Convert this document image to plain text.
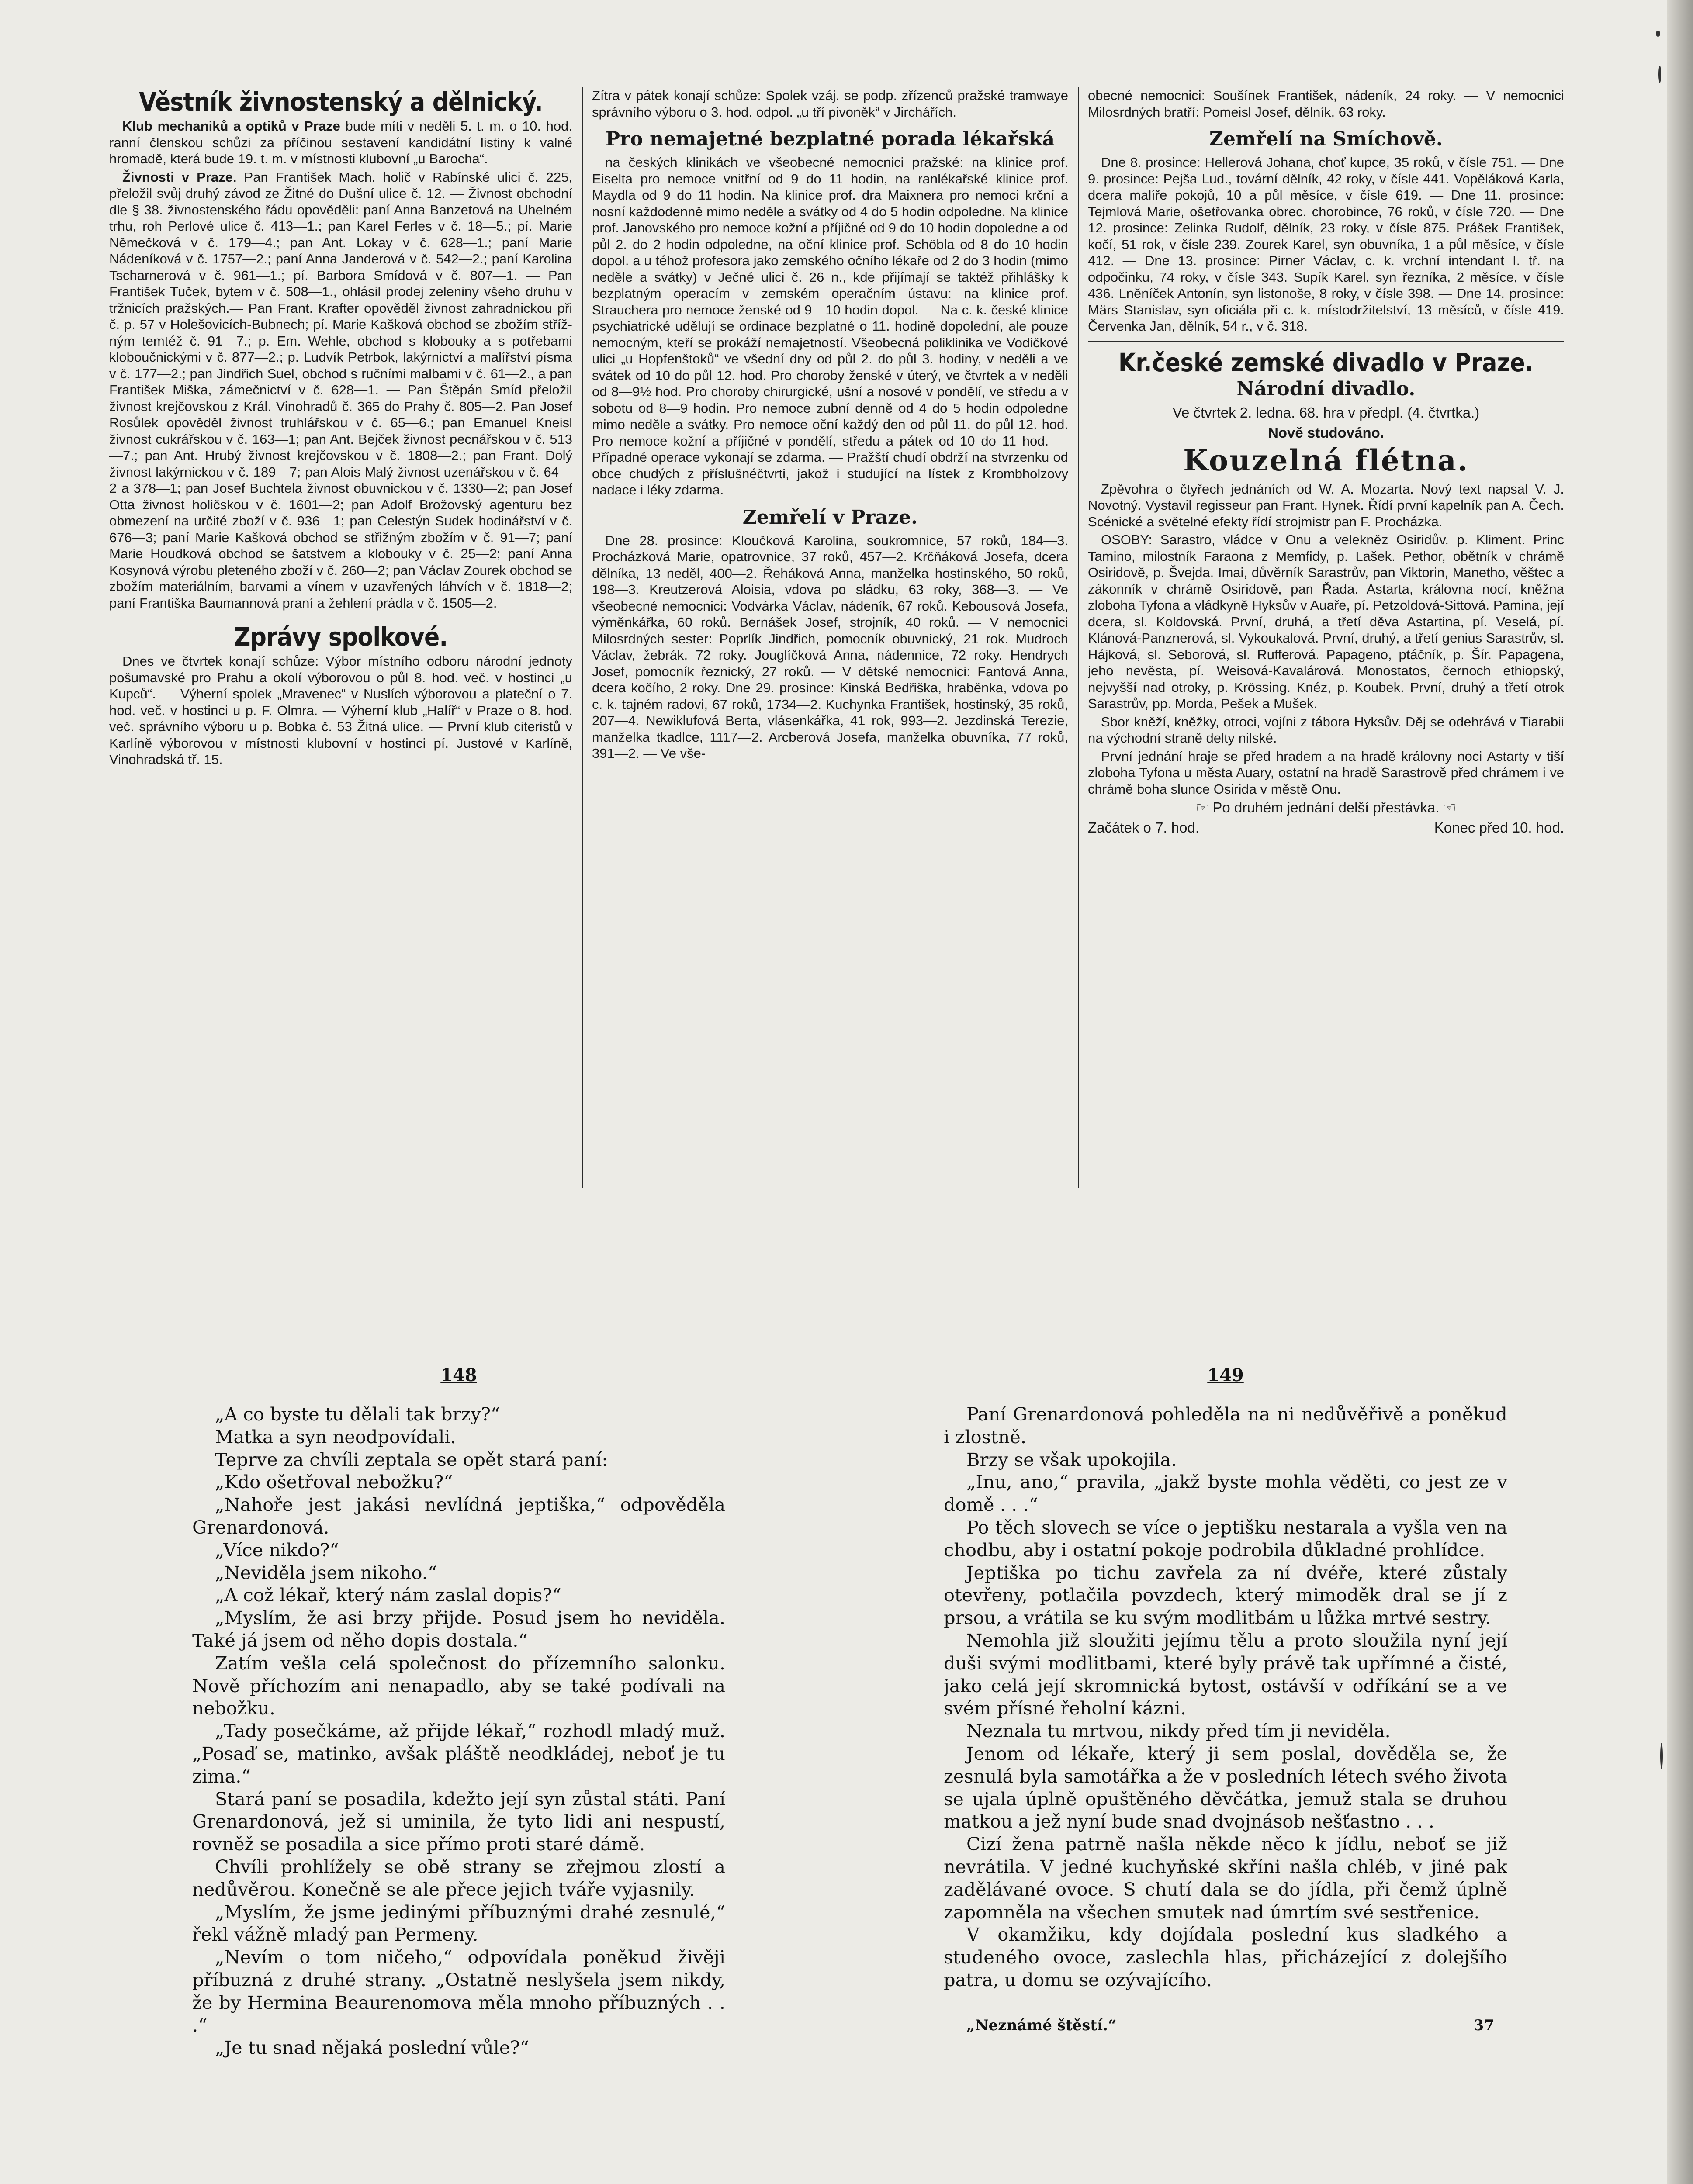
Věstník živnostenský a dělnický.

Klub mechaniků a optiků v Praze bude míti v neděli 5. t. m. o 10. hod. ranní členskou schůzi za příčinou sestavení kandidátní listiny k valné hromadě, která bude 19. t. m. v místnosti klubovní „u Barocha“.

Živnosti v Praze. Pan František Mach, holič v Rabínské ulici č. 225, přeložil svůj druhý závod ze Žitné do Dušní ulice č. 12. — Živnost obchodní dle § 38. živnostenského řádu opověděli: paní Anna Banzetová na Uhelném trhu, roh Perlové ulice č. 413—1.; pan Karel Ferles v č. 18—5.; pí. Marie Němečková v č. 179—4.; pan Ant. Lokay v č. 628—1.; paní Marie Nádeníková v č. 1757—2.; paní Anna Janderová v č. 542—2.; paní Karolina Tscharnerová v č. 961—1.; pí. Barbora Smídová v č. 807—1. — Pan František Tuček, bytem v č. 508—1., ohlásil prodej zeleniny všeho druhu v tržnicích pražských.— Pan Frant. Krafter opověděl živnost zahradnickou při č. p. 57 v Holešovicích-Bubnech; pí. Marie Kašková obchod se zbožím stříž-ným temtéž č. 91—7.; p. Em. Wehle, obchod s klobouky a s potřebami kloboučnickými v č. 877—2.; p. Ludvík Petrbok, lakýrnictví a malířství písma v č. 177—2.; pan Jindřich Suel, obchod s ručními malbami v č. 61—2., a pan František Miška, zámečnictví v č. 628—1. — Pan Štěpán Smíd přeložil živnost krejčovskou z Král. Vinohradů č. 365 do Prahy č. 805—2. Pan Josef Rosůlek opověděl živnost truhlářskou v č. 65—6.; pan Emanuel Kneisl živnost cukrářskou v č. 163—1; pan Ant. Bejček živnost pecnářskou v č. 513—7.; pan Ant. Hrubý živnost krejčovskou v č. 1808—2.; pan Frant. Dolý živnost lakýrnickou v č. 189—7; pan Alois Malý živnost uzenářskou v č. 64—2 a 378—1; pan Josef Buchtela živnost obuvnickou v č. 1330—2; pan Josef Otta živnost holičskou v č. 1601—2; pan Adolf Brožovský agenturu bez obmezení na určité zboží v č. 936—1; pan Celestýn Sudek hodinářství v č. 676—3; paní Marie Kašková obchod se střižným zbožím v č. 91—7; paní Marie Houdková obchod se šatstvem a klobouky v č. 25—2; paní Anna Kosynová výrobu pleteného zboží v č. 260—2; pan Václav Zourek obchod se zbožím materiálním, barvami a vínem v uzavřených láhvích v č. 1818—2; paní Františka Baumannová praní a žehlení prádla v č. 1505—2.

Zprávy spolkové.

Dnes ve čtvrtek konají schůze: Výbor místního odboru národní jednoty pošumavské pro Prahu a okolí výborovou o půl 8. hod. več. v hostinci „u Kupců“. — Výherní spolek „Mravenec“ v Nuslích výborovou a plateční o 7. hod. več. v hostinci u p. F. Olmra. — Výherní klub „Halíř“ v Praze o 8. hod. več. správního výboru u p. Bobka č. 53 Žitná ulice. — První klub citeristů v Karlíně výborovou v místnosti klubovní v hostinci pí. Justové v Karlíně, Vinohradská tř. 15.

Zítra v pátek konají schůze: Spolek vzáj. se podp. zřízenců pražské tramwaye správního výboru o 3. hod. odpol. „u tří pivoněk“ v Jirchářích.

Pro nemajetné bezplatné porada lékařská

na českých klinikách ve všeobecné nemocnici pražské: na klinice prof. Eiselta pro nemoce vnitřní od 9 do 11 hodin, na ranlékařské klinice prof. Maydla od 9 do 11 hodin. Na klinice prof. dra Maixnera pro nemoci krční a nosní každodenně mimo neděle a svátky od 4 do 5 hodin odpoledne. Na klinice prof. Janovského pro nemoce kožní a příjičné od 9 do 10 hodin dopoledne a od půl 2. do 2 hodin odpoledne, na oční klinice prof. Schöbla od 8 do 10 hodin dopol. a u téhož profesora jako zemského očního lékaře od 2 do 3 hodin (mimo neděle a svátky) v Ječné ulici č. 26 n., kde přijímají se taktéž přihlášky k bezplatným operacím v zemském operačním ústavu: na klinice prof. Strauchera pro nemoce ženské od 9—10 hodin dopol. — Na c. k. české klinice psychiatrické udělují se ordinace bezplatné o 11. hodině dopolední, ale pouze nemocným, kteří se prokáží nemajetností. Všeobecná poliklinika ve Vodičkové ulici „u Hopfenštoků“ ve všední dny od půl 2. do půl 3. hodiny, v neděli a ve svátek od 10 do půl 12. hod. Pro choroby ženské v úterý, ve čtvrtek a v neděli od 8—9½ hod. Pro choroby chirurgické, ušní a nosové v pondělí, ve středu a v sobotu od 8—9 hodin. Pro nemoce zubní denně od 4 do 5 hodin odpoledne mimo neděle a svátky. Pro nemoce oční každý den od půl 11. do půl 12. hod. Pro nemoce kožní a příjičné v pondělí, středu a pátek od 10 do 11 hod. — Případné operace vykonají se zdarma. — Pražští chudí obdrží na stvrzenku od obce chudých z příslušnéčtvrti, jakož i studující na lístek z Krombholzovy nadace i léky zdarma.

Zemřelí v Praze.

Dne 28. prosince: Kloučková Karolina, soukromnice, 57 roků, 184—3. Procházková Marie, opatrovnice, 37 roků, 457—2. Krčňáková Josefa, dcera dělníka, 13 neděl, 400—2. Řeháková Anna, manželka hostinského, 50 roků, 198—3. Kreutzerová Aloisia, vdova po sládku, 63 roky, 368—3. — Ve všeobecné nemocnici: Vodvárka Václav, nádeník, 67 roků. Kebousová Josefa, výměnkářka, 60 roků. Bernášek Josef, strojník, 40 roků. — V nemocnici Milosrdných sester: Poprlík Jindřich, pomocník obuvnický, 21 rok. Mudroch Václav, žebrák, 72 roky. Jouglíčková Anna, nádennice, 72 roky. Hendrych Josef, pomocník řeznický, 27 roků. — V dětské nemocnici: Fantová Anna, dcera kočího, 2 roky. Dne 29. prosince: Kinská Bedřiška, hraběnka, vdova po c. k. tajném radovi, 67 roků, 1734—2. Kuchynka František, hostinský, 35 roků, 207—4. Newiklufová Berta, vlásenkářka, 41 rok, 993—2. Jezdinská Terezie, manželka tkadlce, 1117—2. Arcberová Josefa, manželka obuvníka, 77 roků, 391—2. — Ve vše-

obecné nemocnici: Soušínek František, nádeník, 24 roky. — V nemocnici Milosrdných bratří: Pomeisl Josef, dělník, 63 roky.

Zemřelí na Smíchově.

Dne 8. prosince: Hellerová Johana, choť kupce, 35 roků, v čísle 751. — Dne 9. prosince: Pejša Lud., tovární dělník, 42 roky, v čísle 441. Vopěláková Karla, dcera malíře pokojů, 10 a půl měsíce, v čísle 619. — Dne 11. prosince: Tejmlová Marie, ošetřovanka obrec. chorobince, 76 roků, v čísle 720. — Dne 12. prosince: Zelinka Rudolf, dělník, 23 roky, v čísle 875. Prášek František, kočí, 51 rok, v čísle 239. Zourek Karel, syn obuvníka, 1 a půl měsíce, v čísle 412. — Dne 13. prosince: Pirner Václav, c. k. vrchní intendant I. tř. na odpočinku, 74 roky, v čísle 343. Supík Karel, syn řezníka, 2 měsíce, v čísle 436. Lněníček Antonín, syn listonoše, 8 roky, v čísle 398. — Dne 14. prosince: Märs Stanislav, syn oficiála při c. k. místodržitelství, 13 měsíců, v čísle 419. Červenka Jan, dělník, 54 r., v č. 318.

Kr.české zemské divadlo v Praze.
Národní divadlo.
Ve čtvrtek 2. ledna. 68. hra v předpl. (4. čtvrtka.)
Nově studováno.
Kouzelná flétna.

Zpěvohra o čtyřech jednáních od W. A. Mozarta. Nový text napsal V. J. Novotný. Vystavil regisseur pan Frant. Hynek. Řídí první kapelník pan A. Čech. Scénické a světelné efekty řídí strojmistr pan F. Procházka.

OSOBY: Sarastro, vládce v Onu a velekněz Osiridův. p. Kliment. Princ Tamino, milostník Faraona z Memfidy, p. Lašek. Pethor, obětník v chrámě Osiridově, p. Švejda. Imai, důvěrník Sarastrův, pan Viktorin, Manetho, věštec a zákonník v chrámě Osiridově, pan Řada. Astarta, královna nocí, kněžna zloboha Tyfona a vládkyně Hyksův v Auaře, pí. Petzoldová-Sittová. Pamina, její dcera, sl. Koldovská. První, druhá, a třetí děva Astartina, pí. Veselá, pí. Klánová-Panznerová, sl. Vykoukalová. První, druhý, a třetí genius Sarastrův, sl. Hájková, sl. Seborová, sl. Rufferová. Papageno, ptáčník, p. Šír. Papagena, jeho nevěsta, pí. Weisová-Kavalárová. Monostatos, černoch ethiopský, nejvyšší nad otroky, p. Krössing. Knéz, p. Koubek. První, druhý a třetí otrok Sarastrův, pp. Morda, Pešek a Mušek.

Sbor kněží, kněžky, otroci, vojíni z tábora Hyksův. Děj se odehrává v Tiarabii na východní straně delty nilské.

První jednání hraje se před hradem a na hradě královny noci Astarty v tiší zloboha Tyfona u města Auary, ostatní na hradě Sarastrově před chrámem i ve chrámě boha slunce Osirida v městě Onu.

☞ Po druhém jednání delší přestávka. ☜
Začátek o 7. hod.	Konec před 10. hod.
148

„A co byste tu dělali tak brzy?“

Matka a syn neodpovídali.

Teprve za chvíli zeptala se opět stará paní:

„Kdo ošetřoval nebožku?“

„Nahoře jest jakási nevlídná jeptiška,“ odpověděla Grenardonová.

„Více nikdo?“

„Neviděla jsem nikoho.“

„A což lékař, který nám zaslal dopis?“

„Myslím, že asi brzy přijde. Posud jsem ho neviděla. Také já jsem od něho dopis dostala.“

Zatím vešla celá společnost do přízemního salonku. Nově příchozím ani nenapadlo, aby se také podívali na nebožku.

„Tady posečkáme, až přijde lékař,“ rozhodl mladý muž. „Posaď se, matinko, avšak pláště neodkládej, neboť je tu zima.“

Stará paní se posadila, kdežto její syn zůstal státi. Paní Grenardonová, jež si uminila, že tyto lidi ani nespustí, rovněž se posadila a sice přímo proti staré dámě.

Chvíli prohlížely se obě strany se zřejmou zlostí a nedůvěrou. Konečně se ale přece jejich tváře vyjasnily.

„Myslím, že jsme jedinými příbuznými drahé zesnulé,“ řekl vážně mladý pan Permeny.

„Nevím o tom ničeho,“ odpovídala poněkud živěji příbuzná z druhé strany. „Ostatně neslyšela jsem nikdy, že by Hermina Beaurenomova měla mnoho příbuzných . . .“

„Je tu snad nějaká poslední vůle?“

149

Paní Grenardonová pohleděla na ni nedůvěřivě a poněkud i zlostně.

Brzy se však upokojila.

„Inu, ano,“ pravila, „jakž byste mohla věděti, co jest ze v domě . . .“

Po těch slovech se více o jeptišku nestarala a vyšla ven na chodbu, aby i ostatní pokoje podrobila důkladné prohlídce.

Jeptiška po tichu zavřela za ní dvéře, které zůstaly otevřeny, potlačila povzdech, který mimoděk dral se jí z prsou, a vrátila se ku svým modlitbám u lůžka mrtvé sestry.

Nemohla již sloužiti jejímu tělu a proto sloužila nyní její duši svými modlitbami, které byly právě tak upřímné a čisté, jako celá její skromnická bytost, ostávší v odříkání se a ve svém přísné řeholní kázni.

Neznala tu mrtvou, nikdy před tím ji neviděla.

Jenom od lékaře, který ji sem poslal, dověděla se, že zesnulá byla samotářka a že v posledních létech svého života se ujala úplně opuštěného děvčátka, jemuž stala se druhou matkou a jež nyní bude snad dvojnásob nešťastno . . .

Cizí žena patrně našla někde něco k jídlu, neboť se již nevrátila. V jedné kuchyňské skříni našla chléb, v jiné pak zadělávané ovoce. S chutí dala se do jídla, při čemž úplně zapomněla na všechen smutek nad úmrtím své sestřenice.

V okamžiku, kdy dojídala poslední kus sladkého a studeného ovoce, zaslechla hlas, přicházející z dolejšího patra, u domu se ozývajícího.

„Neznámé štěstí.“	37
